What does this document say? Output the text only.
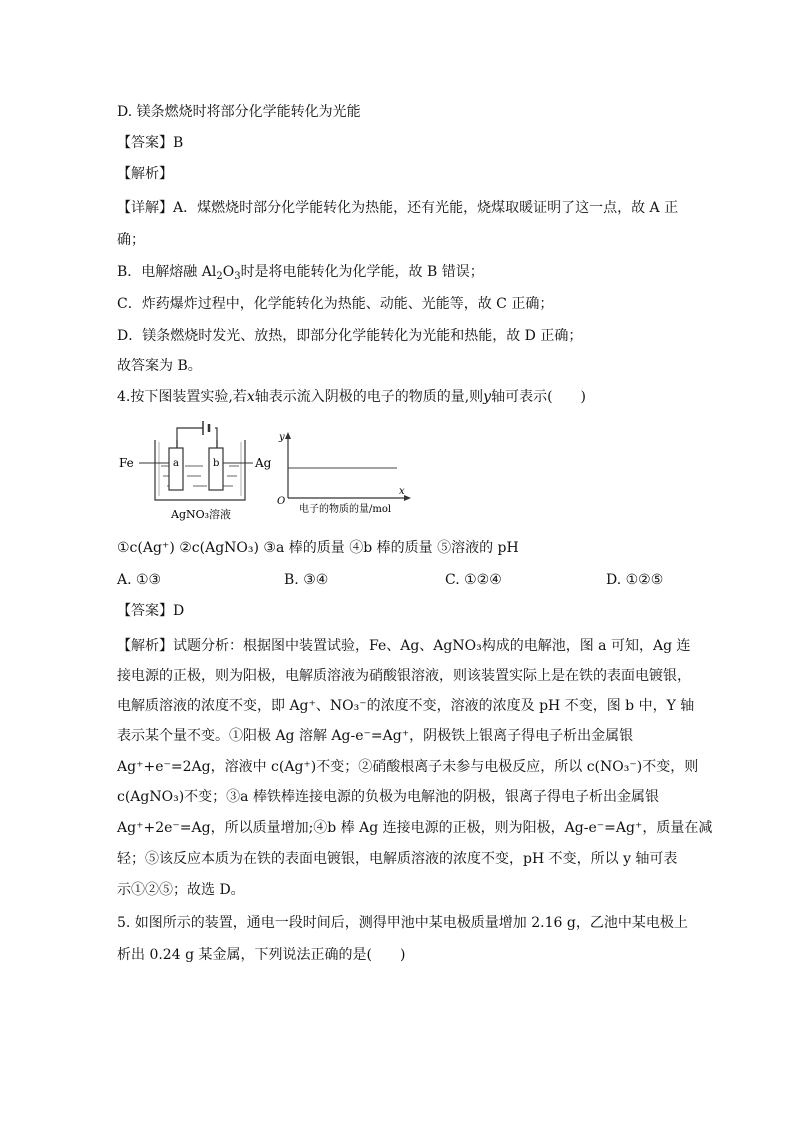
D. 镁条燃烧时将部分化学能转化为光能
【答案】B
【解析】
【详解】A．煤燃烧时部分化学能转化为热能，还有光能，烧煤取暖证明了这一点，故 A 正
确；
B．电解熔融 $Al_2O_3$时是将电能转化为化学能，故 B 错误；
C．炸药爆炸过程中，化学能转化为热能、动能、光能等，故 C 正确；
D．镁条燃烧时发光、放热，即部分化学能转化为光能和热能，故 D 正确；
故答案为 B。
4.按下图装置实验,若x轴表示流入阴极的电子的物质的量,则y轴可表示(　　)
a	b
Fe	Ag
AgNO₃溶液
y
x
O
电子的物质的量/mol
①c(Ag⁺) ②c(AgNO₃) ③a 棒的质量 ④b 棒的质量 ⑤溶液的 pH
A. ①③	B. ③④	C. ①②④	D. ①②⑤
【答案】D
【解析】试题分析：根据图中装置试验，Fe、Ag、AgNO₃构成的电解池，图 a 可知，Ag 连
接电源的正极，则为阳极，电解质溶液为硝酸银溶液，则该装置实际上是在铁的表面电镀银，
电解质溶液的浓度不变，即 Ag⁺、NO₃⁻的浓度不变，溶液的浓度及 pH 不变，图 b 中，Y 轴
表示某个量不变。①阳极 Ag 溶解 Ag-e⁻=Ag⁺，阴极铁上银离子得电子析出金属银
Ag⁺+e⁻=2Ag，溶液中 c(Ag⁺)不变；②硝酸根离子未参与电极反应，所以 c(NO₃⁻)不变，则
c(AgNO₃)不变；③a 棒铁棒连接电源的负极为电解池的阴极，银离子得电子析出金属银
Ag⁺+2e⁻=Ag，所以质量增加;④b 棒 Ag 连接电源的正极，则为阳极，Ag-e⁻=Ag⁺，质量在减
轻；⑤该反应本质为在铁的表面电镀银，电解质溶液的浓度不变，pH 不变，所以 y 轴可表
示①②⑤；故选 D。
5. 如图所示的装置，通电一段时间后，测得甲池中某电极质量增加 2.16 g，乙池中某电极上
析出 0.24 g 某金属，下列说法正确的是(　　)
